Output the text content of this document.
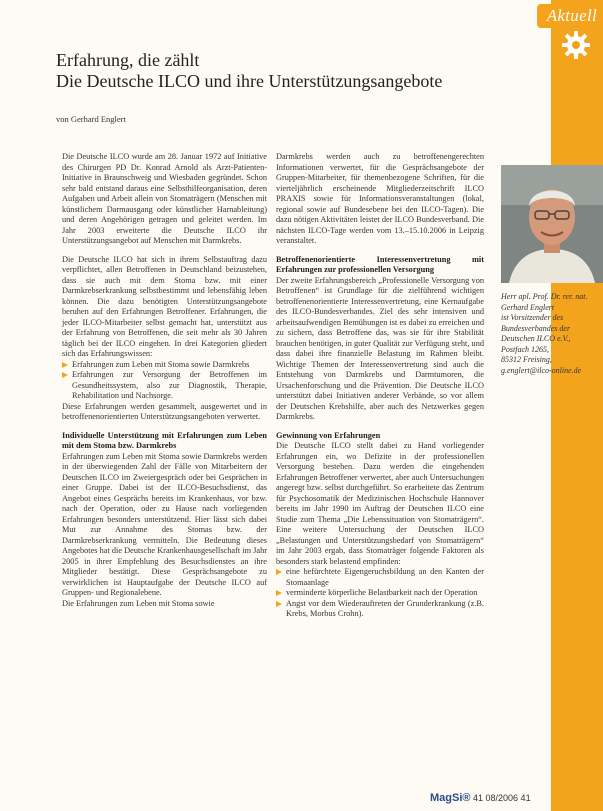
Aktuell
Erfahrung, die zählt
Die Deutsche ILCO und ihre Unterstützungsangebote
von Gerhard Englert

Die Deutsche ILCO wurde am 28. Januar 1972 auf Initiative des Chirurgen PD Dr. Konrad Arnold als Arzt-Patienten-Initiative in Braunschweig und Wiesbaden gegründet. Schon sehr bald entstand daraus eine Selbsthilfeorganisation, deren Aufgaben und Arbeit allein von Stomaträgern (Menschen mit künstlichem Darmausgang oder künstlicher Harnableitung) und deren Angehörigen getragen und geleitet werden. Im Jahr 2003 erweiterte die Deutsche ILCO ihr Unterstützungsangebot auf Menschen mit Darmkrebs.

Die Deutsche ILCO hat sich in ihrem Selbstauftrag dazu verpflichtet, allen Betroffenen in Deutschland beizustehen, dass sie auch mit dem Stoma bzw. mit einer Darmkrebserkrankung selbstbestimmt und lebensfähig leben können. Die dazu benötigten Unterstützungsangebote beruhen auf den Erfahrungen Betroffener. Erfahrungen, die jeder ILCO-Mitarbeiter selbst gemacht hat, unterstützt aus der Erfahrung von Betroffenen, die seit mehr als 30 Jahren täglich bei der ILCO eingehen. In drei Kategorien gliedert sich das Erfahrungswissen:

Erfahrungen zum Leben mit Stoma sowie Darmkrebs
Erfahrungen zur Versorgung der Betroffenen im Gesundheitssystem, also zur Diagnostik, Therapie, Rehabilitation und Nachsorge.

Diese Erfahrungen werden gesammelt, ausgewertet und in betroffenenorientierten Unterstützungsangeboten verwertet.

Individuelle Unterstützung mit Erfahrungen zum Leben mit dem Stoma bzw. Darmkrebs

Erfahrungen zum Leben mit Stoma sowie Darmkrebs werden in der überwiegenden Zahl der Fälle von Mitarbeitern der Deutschen ILCO im Zweiergespräch oder bei Gesprächen in einer Gruppe. Dabei ist der ILCO-Besuchsdienst, das Angebot eines Gesprächs bereits im Krankenhaus, vor bzw. nach der Operation, oder zu Hause nach vorliegenden Erfahrungen besonders unterstützend. Hier lässt sich dabei Mut zur Annahme des Stomas bzw. der Darmkrebserkrankung vermitteln. Die Bedeutung dieses Angebotes hat die Deutsche Krankenhausgesellschaft im Jahr 2005 in ihrer Empfehlung des Besuchsdienstes an ihre Mitglieder bestätigt. Diese Gesprächsangebote zu verwirklichen ist Hauptaufgabe der Deutsche ILCO auf Gruppen- und Regionalebene.

Die Erfahrungen zum Leben mit Stoma sowie

Darmkrebs werden auch zu betroffenengerechten Informationen verwertet, für die Gesprächsangebote der Gruppen-Mitarbeiter, für themenbezogene Schriften, für die vierteljährlich erscheinende Mitgliederzeitschrift ILCO PRAXIS sowie für Informationsveranstaltungen (lokal, regional sowie auf Bundesebene bei den ILCO-Tagen). Die dazu nötigen Aktivitäten leistet der ILCO Bundesverband. Die nächsten ILCO-Tage werden vom 13.–15.10.2006 in Leipzig veranstaltet.

Betroffenenorientierte Interessenvertretung mit Erfahrungen zur professionellen Versorgung

Der zweite Erfahrungsbereich „Professionelle Versorgung von Betroffenen“ ist Grundlage für die zielführend wichtigen betroffenenorientierte Interessenvertretung, eine Kernaufgabe des ILCO-Bundesverbandes. Ziel des sehr intensiven und arbeitsaufwendigen Bemühungen ist es dabei zu erreichen und zu sichern, dass Betroffene das, was sie für ihre Stabilität brauchen benötigen, in guter Qualität zur Verfügung steht, und dass dabei ihre finanzielle Belastung im Rahmen bleibt. Wichtige Themen der Interessenvertretung sind auch die Entstehung von Darmkrebs und Darmtumoren, die Ursachenforschung und die Prävention. Die Deutsche ILCO unterstützt dabei Initiativen anderer Verbände, so vor allem der Deutschen Krebshilfe, aber auch des Netzwerkes gegen Darmkrebs.

Gewinnung von Erfahrungen

Die Deutsche ILCO stellt dabei zu Hand vorliegender Erfahrungen ein, wo Defizite in der professionellen Versorgung bestehen. Dazu werden die eingehenden Erfahrungen Betroffener verwertet, aber auch Untersuchungen angeregt bzw. selbst durchgeführt. So erarbeitete das Zentrum für Psychosomatik der Medizinischen Hochschule Hannover bereits im Jahr 1990 im Auftrag der Deutschen ILCO eine Studie zum Thema „Die Lebenssituation von Stomaträgern“. Eine weitere Untersuchung der Deutschen ILCO „Belastungen und Unterstützungsbedarf von Stomaträgern“ im Jahr 2003 ergab, dass Stomaträger folgende Faktoren als besonders stark belastend empfinden:

eine befürchtete Eigengeruchsbildung an den Kanten der Stomaanlage
verminderte körperliche Belastbarkeit nach der Operation
Angst vor dem Wiederauftreten der Grunderkrankung (z.B. Krebs, Morbus Crohn).
Herr apl. Prof. Dr. rer. nat. Gerhard Englert
ist Vorsitzender des
Bundesverbandes der
Deutschen ILCO e.V.,
Postfach 1265,
85312 Freising,
g.englert@ilco-online.de
MagSi® 41 08/2006 41
